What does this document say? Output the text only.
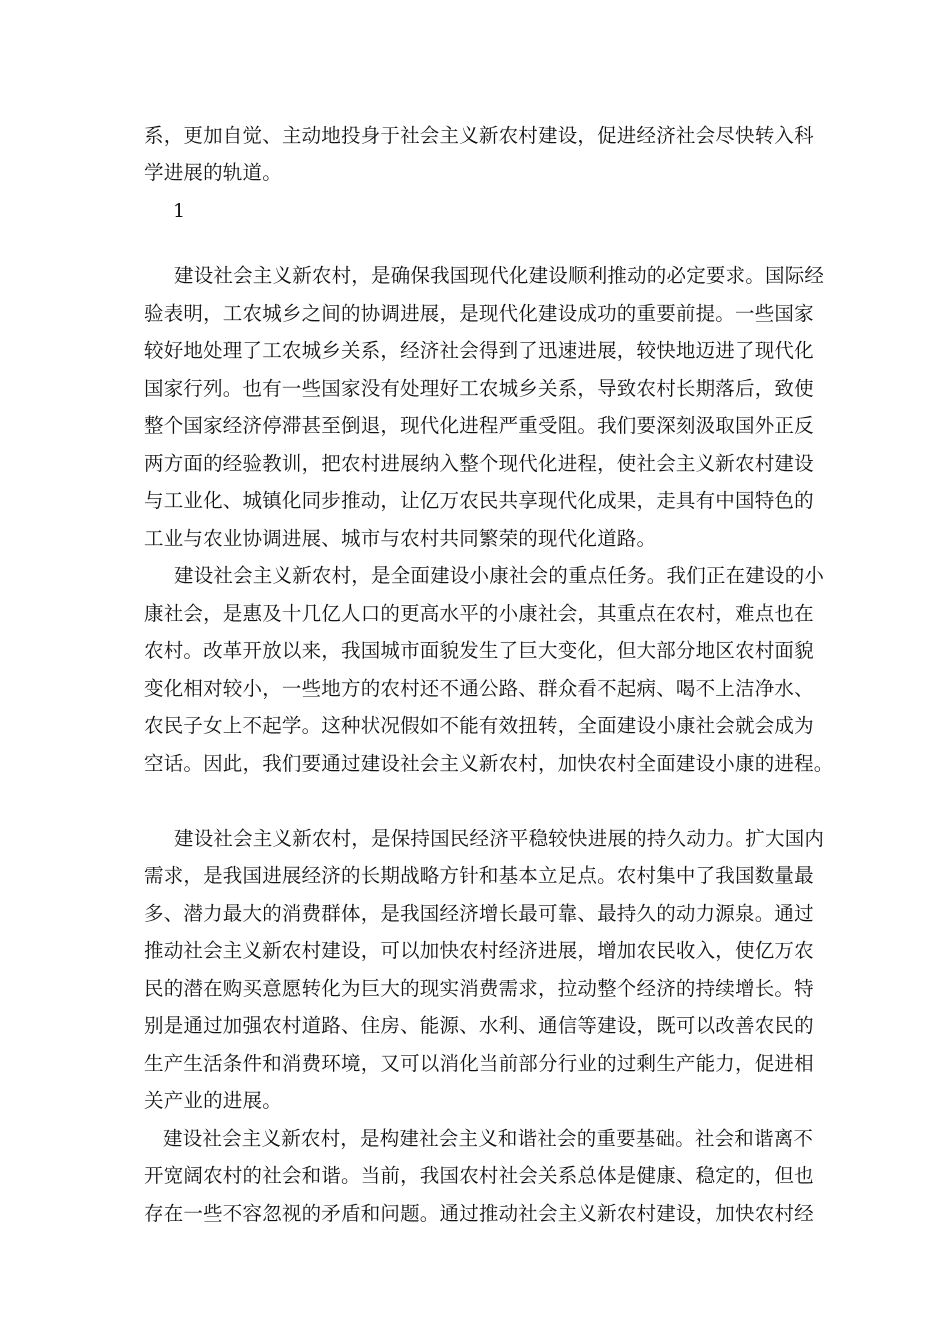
系，更加自觉、主动地投身于社会主义新农村建设，促进经济社会尽快转入科
学进展的轨道。
1
建设社会主义新农村，是确保我国现代化建设顺利推动的必定要求。国际经
验表明，工农城乡之间的协调进展，是现代化建设成功的重要前提。一些国家
较好地处理了工农城乡关系，经济社会得到了迅速进展，较快地迈进了现代化
国家行列。也有一些国家没有处理好工农城乡关系，导致农村长期落后，致使
整个国家经济停滞甚至倒退，现代化进程严重受阻。我们要深刻汲取国外正反
两方面的经验教训，把农村进展纳入整个现代化进程，使社会主义新农村建设
与工业化、城镇化同步推动，让亿万农民共享现代化成果，走具有中国特色的
工业与农业协调进展、城市与农村共同繁荣的现代化道路。
建设社会主义新农村，是全面建设小康社会的重点任务。我们正在建设的小
康社会，是惠及十几亿人口的更高水平的小康社会，其重点在农村，难点也在
农村。改革开放以来，我国城市面貌发生了巨大变化，但大部分地区农村面貌
变化相对较小，一些地方的农村还不通公路、群众看不起病、喝不上洁净水、
农民子女上不起学。这种状况假如不能有效扭转，全面建设小康社会就会成为
空话。因此，我们要通过建设社会主义新农村，加快农村全面建设小康的进程。
建设社会主义新农村，是保持国民经济平稳较快进展的持久动力。扩大国内
需求，是我国进展经济的长期战略方针和基本立足点。农村集中了我国数量最
多、潜力最大的消费群体，是我国经济增长最可靠、最持久的动力源泉。通过
推动社会主义新农村建设，可以加快农村经济进展，增加农民收入，使亿万农
民的潜在购买意愿转化为巨大的现实消费需求，拉动整个经济的持续增长。特
别是通过加强农村道路、住房、能源、水利、通信等建设，既可以改善农民的
生产生活条件和消费环境，又可以消化当前部分行业的过剩生产能力，促进相
关产业的进展。
建设社会主义新农村，是构建社会主义和谐社会的重要基础。社会和谐离不
开宽阔农村的社会和谐。当前，我国农村社会关系总体是健康、稳定的，但也
存在一些不容忽视的矛盾和问题。通过推动社会主义新农村建设，加快农村经
